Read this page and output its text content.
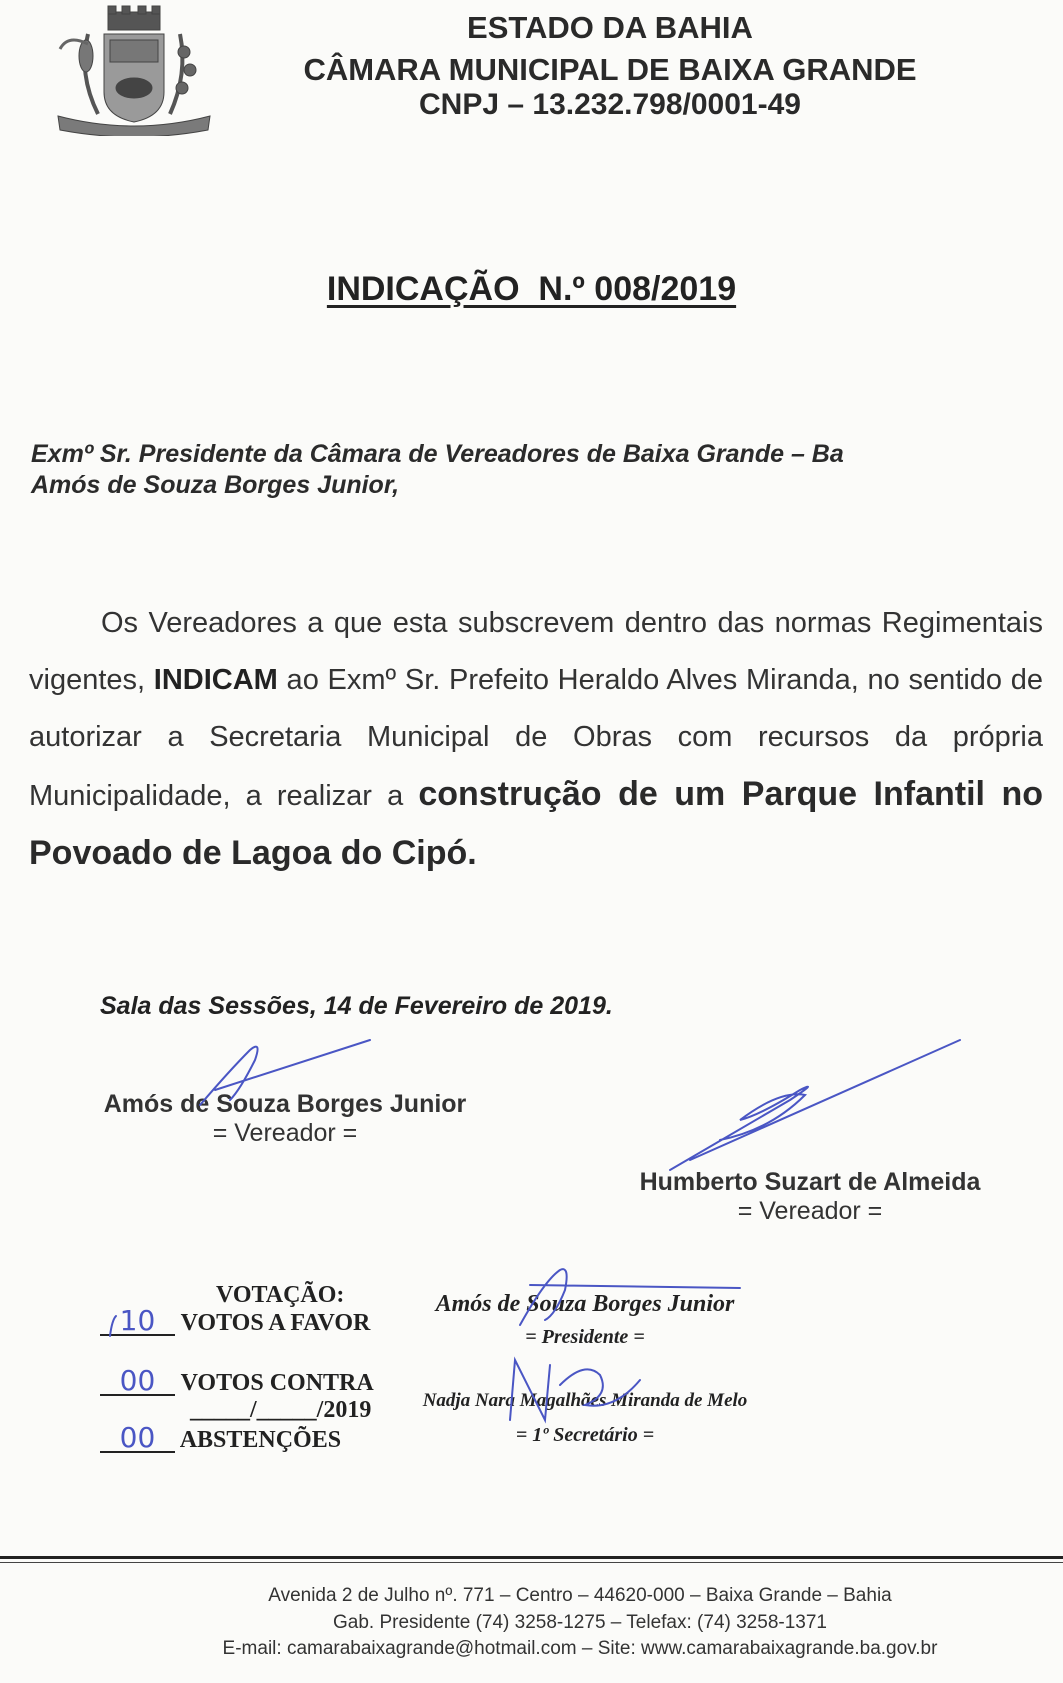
ESTADO DA BAHIA
CÂMARA MUNICIPAL DE BAIXA GRANDE
CNPJ – 13.232.798/0001-49
INDICAÇÃO  N.º 008/2019
Exmº Sr. Presidente da Câmara de Vereadores de Baixa Grande – Ba
Amós de Souza Borges Junior,
Os Vereadores a que esta subscrevem dentro das normas Regimentais vigentes, INDICAM ao Exmº Sr. Prefeito Heraldo Alves Miranda, no sentido de autorizar a Secretaria Municipal de Obras com recursos da própria Municipalidade, a realizar a construção de um Parque Infantil no Povoado de Lagoa do Cipó.
Sala das Sessões, 14 de Fevereiro de 2019.
Amós de Souza Borges Junior
= Vereador =
Humberto Suzart de Almeida
= Vereador =
VOTAÇÃO:
10 VOTOS A FAVOR
00 VOTOS CONTRA
_____/_____/2019
00 ABSTENÇÕES
Amós de Souza Borges Junior
= Presidente =
Nadja Nara Magalhães Miranda de Melo
= 1º Secretário =
Avenida 2 de Julho nº. 771 – Centro – 44620-000 – Baixa Grande – Bahia
Gab. Presidente (74) 3258-1275 – Telefax: (74) 3258-1371
E-mail: camarabaixagrande@hotmail.com – Site: www.camarabaixagrande.ba.gov.br
